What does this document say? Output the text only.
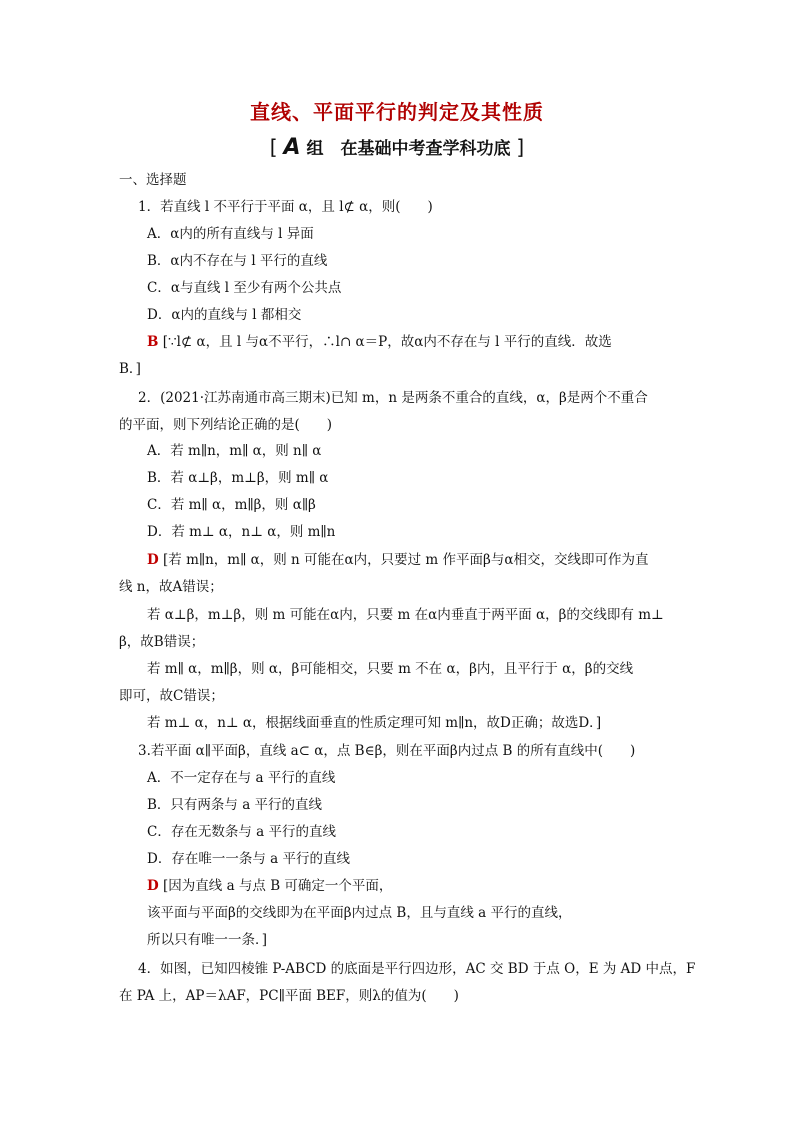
直线、平面平行的判定及其性质
[ A 组　在基础中考查学科功底 ]
一、选择题
1．若直线 l 不平行于平面 α，且 l⊄ α，则(　　)
A．α内的所有直线与 l 异面
B．α内不存在与 l 平行的直线
C．α与直线 l 至少有两个公共点
D．α内的直线与 l 都相交
B [∵l⊄ α，且 l 与α不平行，∴l∩ α＝P，故α内不存在与 l 平行的直线．故选
B．]
2．(2021·江苏南通市高三期末)已知 m，n 是两条不重合的直线，α，β是两个不重合
的平面，则下列结论正确的是(　　)
A．若 m∥n，m∥ α，则 n∥ α
B．若 α⊥β，m⊥β，则 m∥ α
C．若 m∥ α，m∥β，则 α∥β
D．若 m⊥ α，n⊥ α，则 m∥n
D [若 m∥n，m∥ α，则 n 可能在α内，只要过 m 作平面β与α相交，交线即可作为直
线 n，故A错误；
若 α⊥β，m⊥β，则 m 可能在α内，只要 m 在α内垂直于两平面 α，β的交线即有 m⊥
β，故B错误；
若 m∥ α，m∥β，则 α，β可能相交，只要 m 不在 α，β内，且平行于 α，β的交线
即可，故C错误；
若 m⊥ α，n⊥ α，根据线面垂直的性质定理可知 m∥n，故D正确；故选D．]
3.若平面 α∥平面β，直线 a⊂ α，点 B∈β，则在平面β内过点 B 的所有直线中(　　)
A．不一定存在与 a 平行的直线
B．只有两条与 a 平行的直线
C．存在无数条与 a 平行的直线
D．存在唯一一条与 a 平行的直线
D [因为直线 a 与点 B 可确定一个平面，
该平面与平面β的交线即为在平面β内过点 B，且与直线 a 平行的直线，
所以只有唯一一条．]
4．如图，已知四棱锥 P-ABCD 的底面是平行四边形，AC 交 BD 于点 O，E 为 AD 中点，F
在 PA 上，AP＝λAF，PC∥平面 BEF，则λ的值为(　　)
